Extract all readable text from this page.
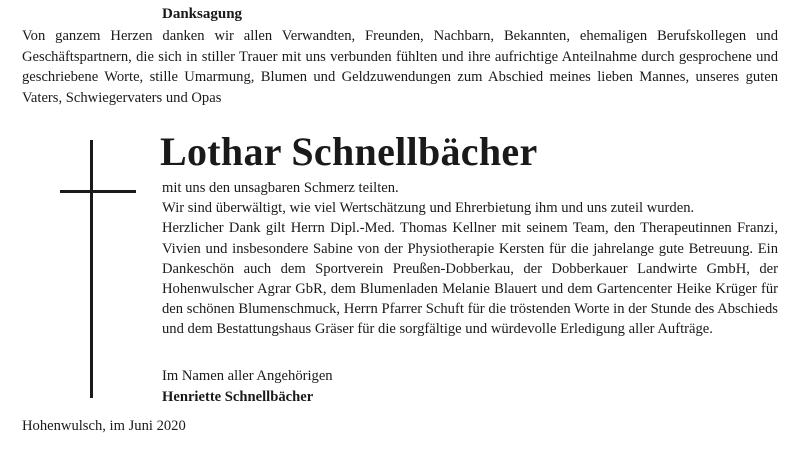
Danksagung
Von ganzem Herzen danken wir allen Verwandten, Freunden, Nachbarn, Bekannten, ehemaligen Berufskollegen und Geschäftspartnern, die sich in stiller Trauer mit uns verbunden fühlten und ihre aufrichtige Anteilnahme durch gesprochene und geschriebene Worte, stille Umarmung, Blumen und Geldzuwendungen zum Abschied meines lieben Mannes, unseres guten Vaters, Schwiegervaters und Opas
Lothar Schnellbächer

mit uns den unsagbaren Schmerz teilten.

Wir sind überwältigt, wie viel Wertschätzung und Ehrerbietung ihm und uns zuteil wurden.

Herzlicher Dank gilt Herrn Dipl.-Med. Thomas Kellner mit seinem Team, den Therapeutinnen Franzi, Vivien und insbesondere Sabine von der Physiotherapie Kersten für die jahrelange gute Betreuung. Ein Dankeschön auch dem Sportverein Preußen-Dobberkau, der Dobberkauer Landwirte GmbH, der Hohenwulscher Agrar GbR, dem Blumenladen Melanie Blauert und dem Gartencenter Heike Krüger für den schönen Blumenschmuck, Herrn Pfarrer Schuft für die tröstenden Worte in der Stunde des Abschieds und dem Bestattungshaus Gräser für die sorgfältige und würdevolle Erledigung aller Aufträge.

Im Namen aller Angehörigen
Henriette Schnellbächer
Hohenwulsch, im Juni 2020
